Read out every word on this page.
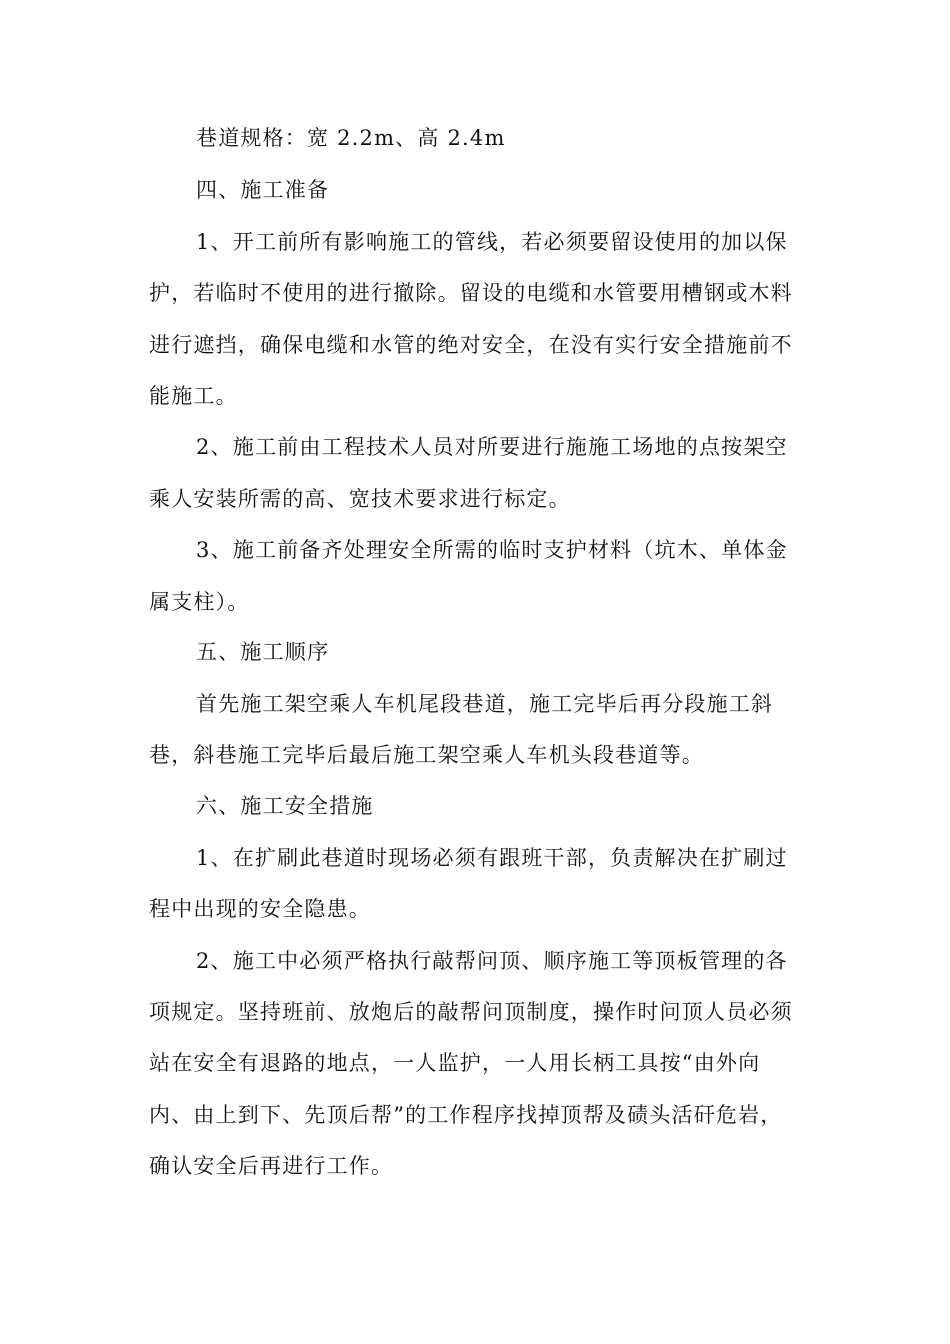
巷道规格：宽 2.2m、高 2.4m
四、施工准备
1、开工前所有影响施工的管线，若必须要留设使用的加以保
护，若临时不使用的进行撤除。留设的电缆和水管要用槽钢或木料
进行遮挡，确保电缆和水管的绝对安全，在没有实行安全措施前不
能施工。
2、施工前由工程技术人员对所要进行施施工场地的点按架空
乘人安装所需的高、宽技术要求进行标定。
3、施工前备齐处理安全所需的临时支护材料（坑木、单体金
属支柱）。
五、施工顺序
首先施工架空乘人车机尾段巷道，施工完毕后再分段施工斜
巷，斜巷施工完毕后最后施工架空乘人车机头段巷道等。
六、施工安全措施
1、在扩刷此巷道时现场必须有跟班干部，负责解决在扩刷过
程中出现的安全隐患。
2、施工中必须严格执行敲帮问顶、顺序施工等顶板管理的各
项规定。坚持班前、放炮后的敲帮问顶制度，操作时问顶人员必须
站在安全有退路的地点，一人监护，一人用长柄工具按“由外向
内、由上到下、先顶后帮”的工作程序找掉顶帮及碛头活矸危岩，
确认安全后再进行工作。
